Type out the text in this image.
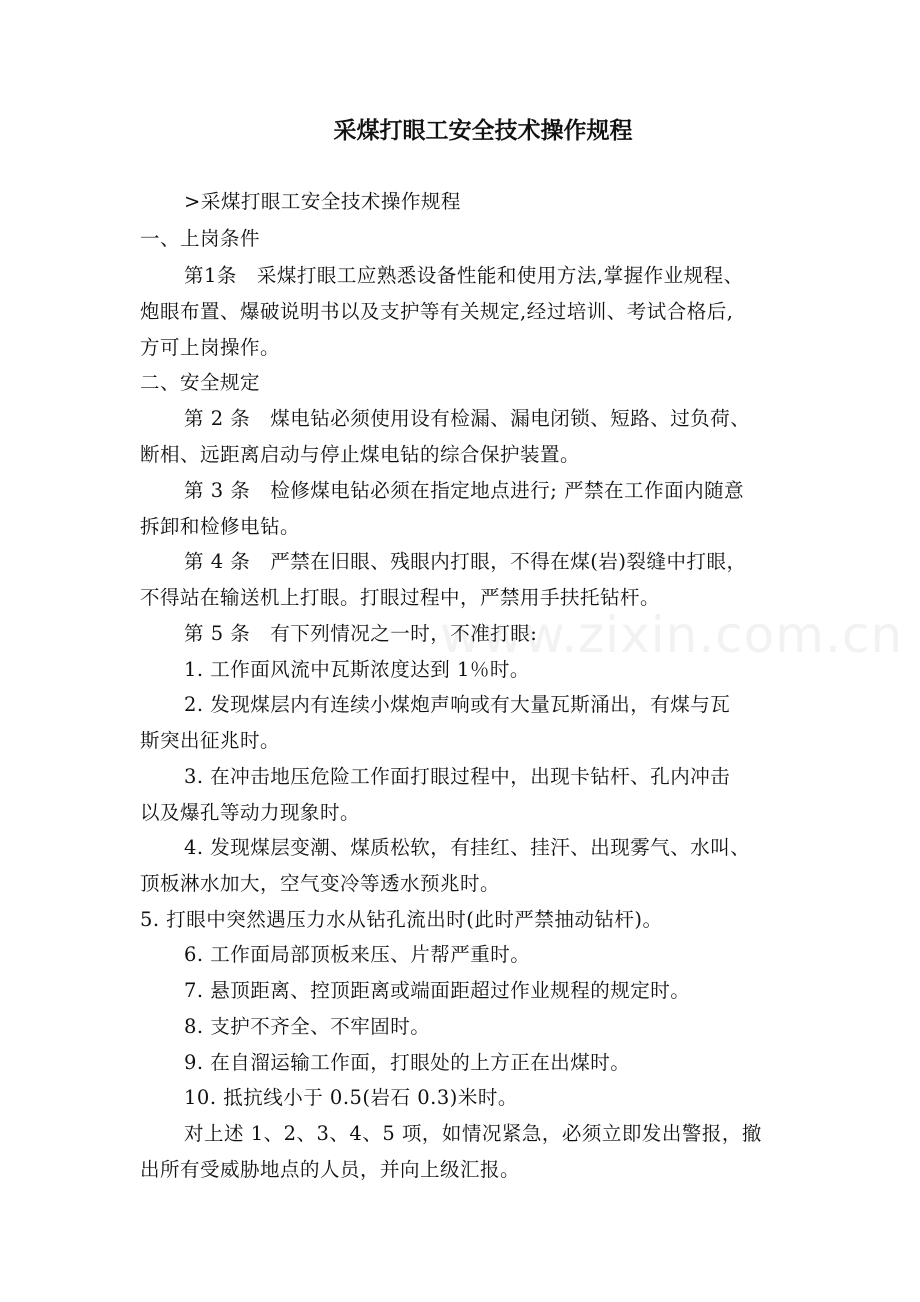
www.zixin.com.cn
采煤打眼工安全技术操作规程
>采煤打眼工安全技术操作规程
一、上岗条件
第1条　采煤打眼工应熟悉设备性能和使用方法,掌握作业规程、
炮眼布置、爆破说明书以及支护等有关规定,经过培训、考试合格后,
方可上岗操作。
二、安全规定
第 2 条　煤电钻必须使用设有检漏、漏电闭锁、短路、过负荷、
断相、远距离启动与停止煤电钻的综合保护装置。
第 3 条　检修煤电钻必须在指定地点进行; 严禁在工作面内随意
拆卸和检修电钻。
第 4 条　严禁在旧眼、残眼内打眼，不得在煤(岩)裂缝中打眼，
不得站在输送机上打眼。打眼过程中，严禁用手扶托钻杆。
第 5 条　有下列情况之一时，不准打眼:
1. 工作面风流中瓦斯浓度达到 1％时。
2. 发现煤层内有连续小煤炮声响或有大量瓦斯涌出，有煤与瓦
斯突出征兆时。
3. 在冲击地压危险工作面打眼过程中，出现卡钻杆、孔内冲击
以及爆孔等动力现象时。
4. 发现煤层变潮、煤质松软，有挂红、挂汗、出现雾气、水叫、
顶板淋水加大，空气变冷等透水预兆时。
5. 打眼中突然遇压力水从钻孔流出时(此时严禁抽动钻杆)。
6. 工作面局部顶板来压、片帮严重时。
7. 悬顶距离、控顶距离或端面距超过作业规程的规定时。
8. 支护不齐全、不牢固时。
9. 在自溜运输工作面，打眼处的上方正在出煤时。
10. 抵抗线小于 0.5(岩石 0.3)米时。
对上述 1、2、3、4、5 项，如情况紧急，必须立即发出警报，撤
出所有受威胁地点的人员，并向上级汇报。
